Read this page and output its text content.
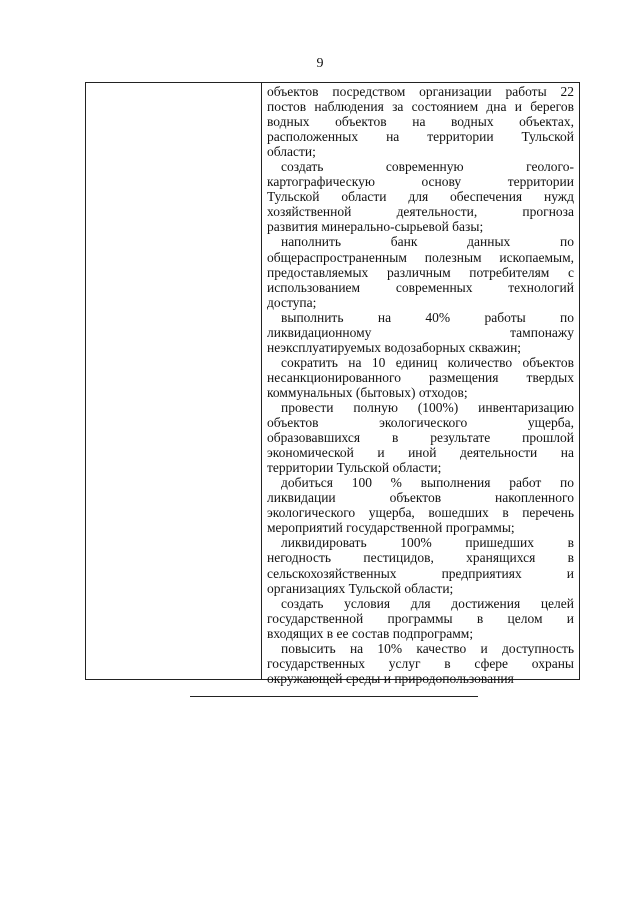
9
объектов посредством организации работы 22
постов наблюдения за состоянием дна и берегов
водных объектов на водных объектах,
расположенных на территории Тульской
области;
создать современную геолого-
картографическую основу территории
Тульской области для обеспечения нужд
хозяйственной деятельности, прогноза
развития минерально-сырьевой базы;
наполнить банк данных по
общераспространенным полезным ископаемым,
предоставляемых различным потребителям с
использованием современных технологий
доступа;
выполнить на 40% работы по
ликвидационному тампонажу
неэксплуатируемых водозаборных скважин;
сократить на 10 единиц количество объектов
несанкционированного размещения твердых
коммунальных (бытовых) отходов;
провести полную (100%) инвентаризацию
объектов экологического ущерба,
образовавшихся в результате прошлой
экономической и иной деятельности на
территории Тульской области;
добиться 100 % выполнения работ по
ликвидации объектов накопленного
экологического ущерба, вошедших в перечень
мероприятий государственной программы;
ликвидировать 100% пришедших в
негодность пестицидов, хранящихся в
сельскохозяйственных предприятиях и
организациях Тульской области;
создать условия для достижения целей
государственной программы в целом и
входящих в ее состав подпрограмм;
повысить на 10% качество и доступность
государственных услуг в сфере охраны
окружающей среды и природопользования
